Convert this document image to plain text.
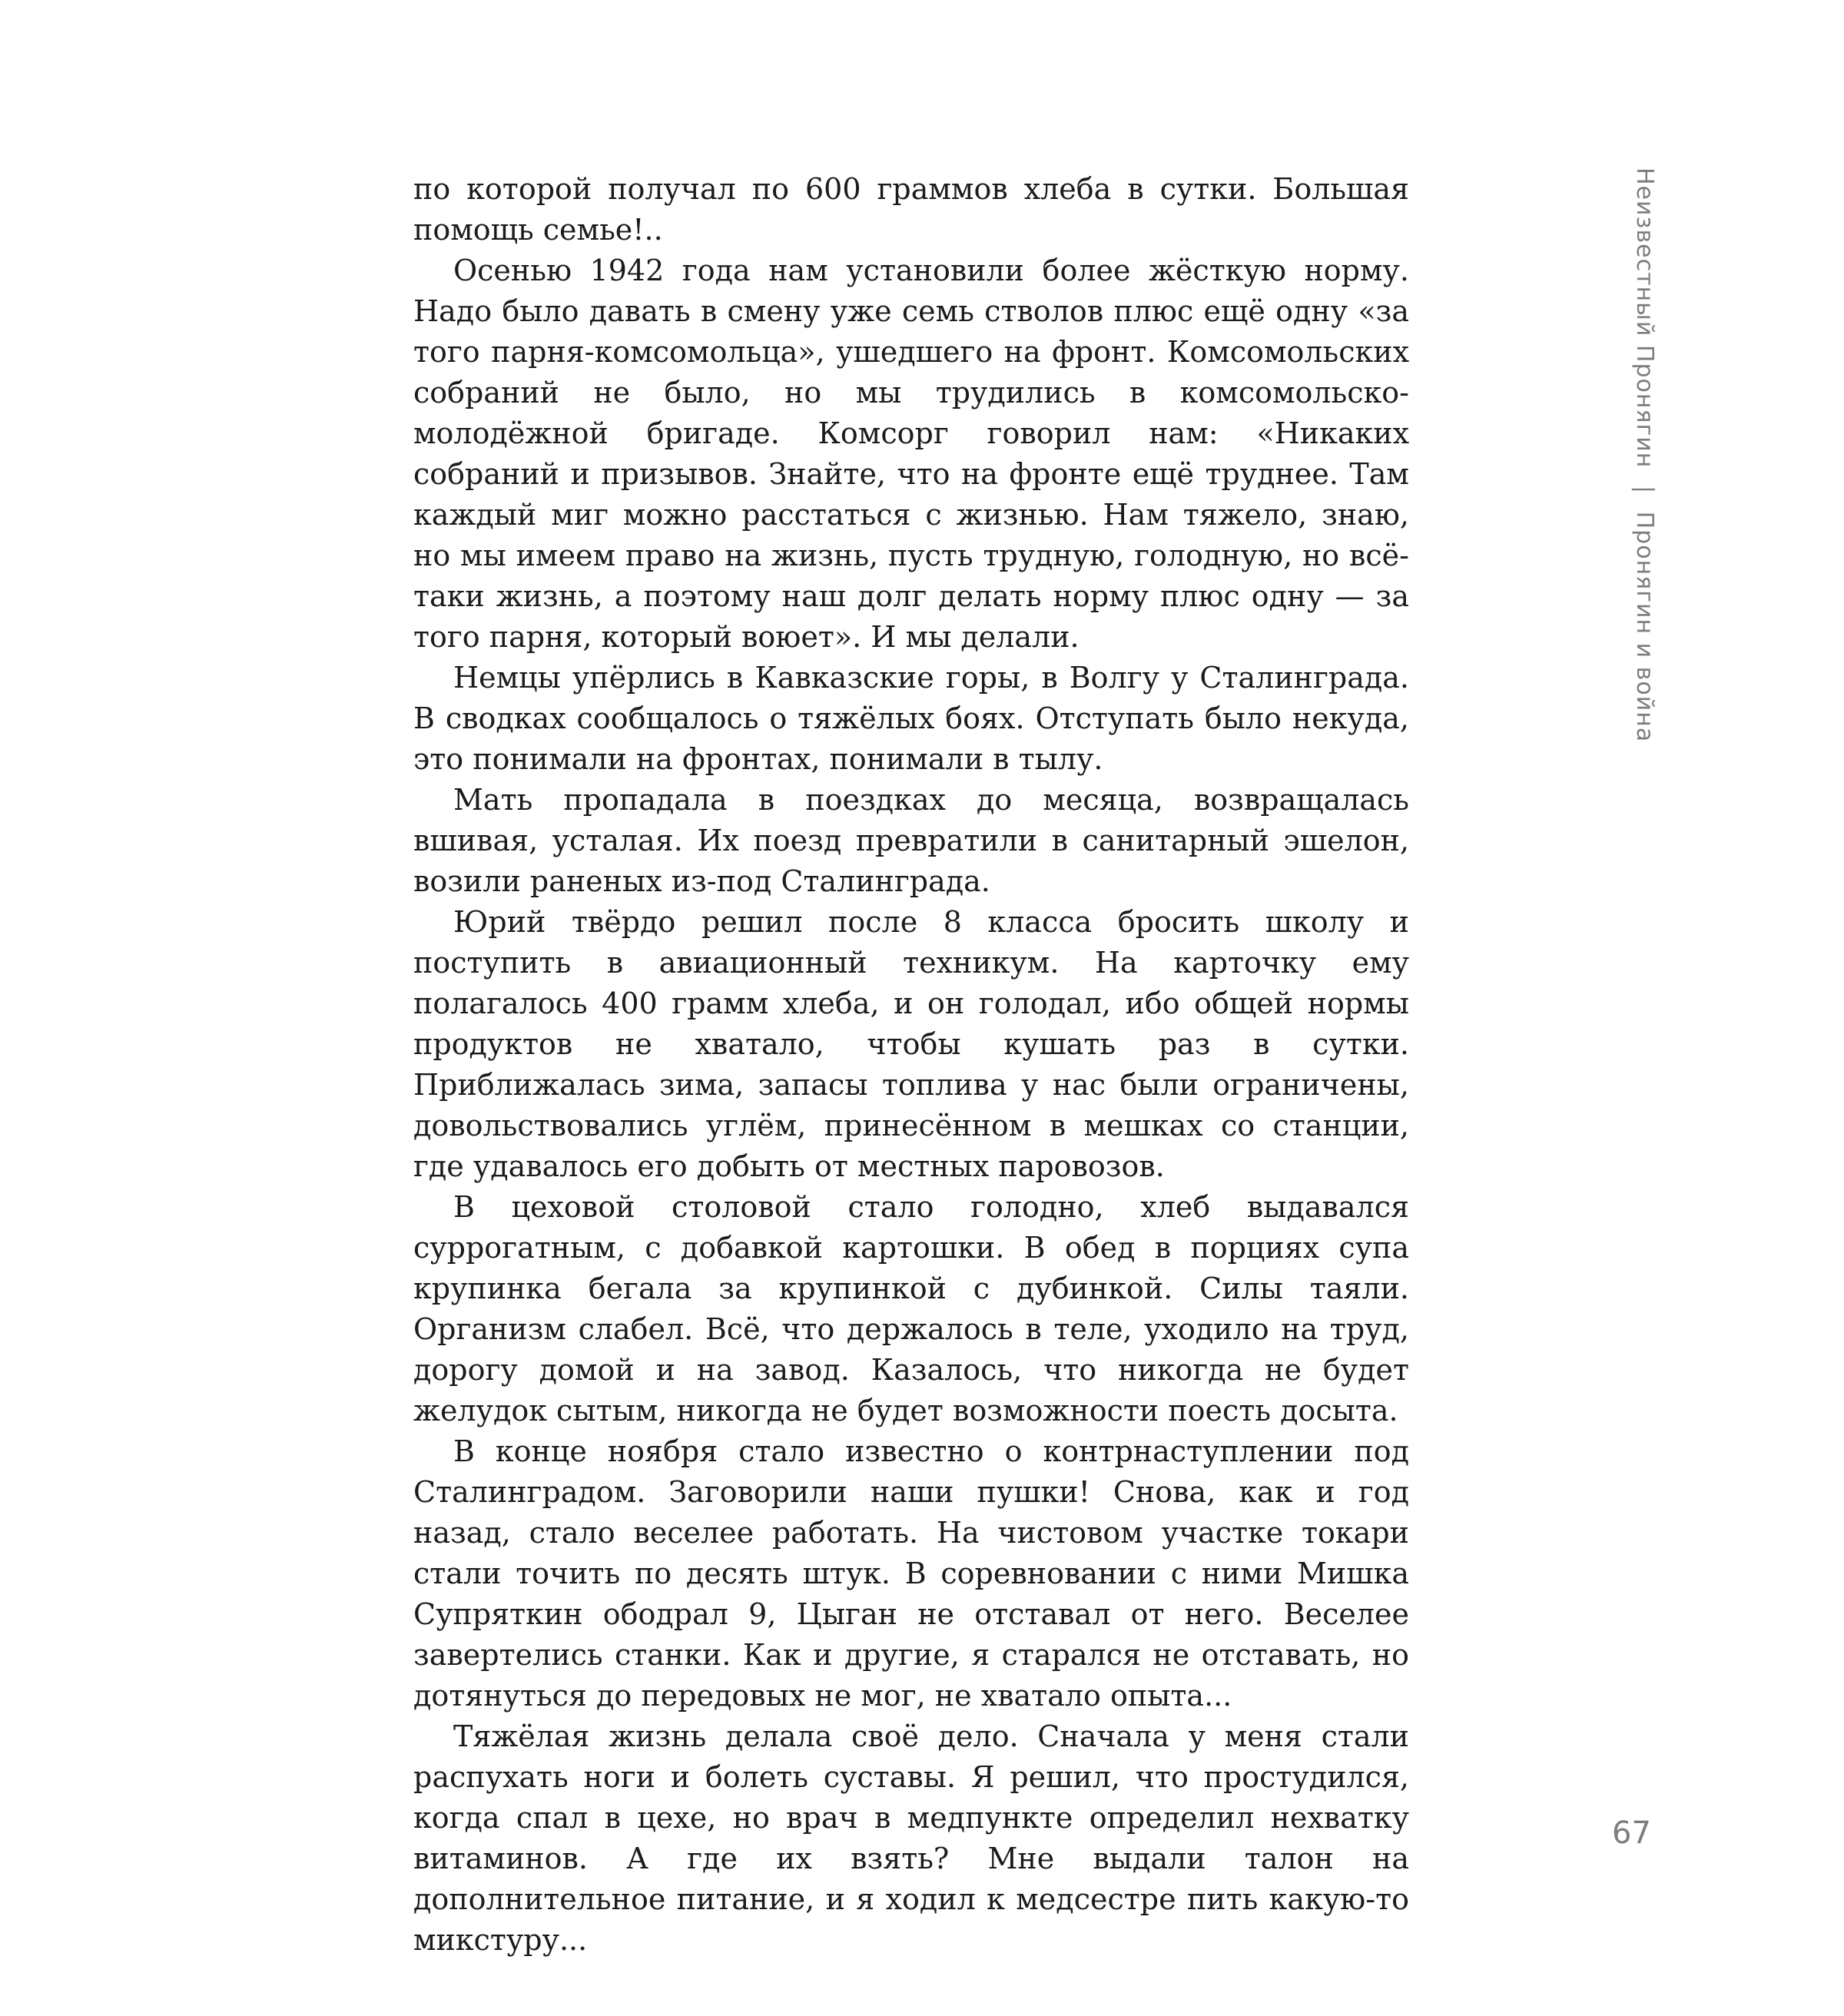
по которой получал по 600 граммов хлеба в сутки. Большая помощь семье!..

Осенью 1942 года нам установили более жёсткую норму. Надо было давать в смену уже семь стволов плюс ещё одну «за того парня-комсомольца», ушедшего на фронт. Комсомольских собраний не было, но мы трудились в комсомольско-молодёжной бригаде. Комсорг говорил нам: «Никаких собраний и призывов. Знайте, что на фронте ещё труднее. Там каждый миг можно расстаться с жизнью. Нам тяжело, знаю, но мы имеем право на жизнь, пусть трудную, голодную, но всё-таки жизнь, а поэтому наш долг делать норму плюс одну — за того парня, который воюет». И мы делали.

Немцы упёрлись в Кавказские горы, в Волгу у Сталинграда. В сводках сообщалось о тяжёлых боях. Отступать было некуда, это понимали на фронтах, понимали в тылу.

Мать пропадала в поездках до месяца, возвращалась вшивая, усталая. Их поезд превратили в санитарный эшелон, возили раненых из-под Сталинграда.

Юрий твёрдо решил после 8 класса бросить школу и поступить в авиационный техникум. На карточку ему полагалось 400 грамм хлеба, и он голодал, ибо общей нормы продуктов не хватало, чтобы кушать раз в сутки. Приближалась зима, запасы топлива у нас были ограничены, довольствовались углём, принесённом в мешках со станции, где удавалось его добыть от местных паровозов.

В цеховой столовой стало голодно, хлеб выдавался суррогатным, с добавкой картошки. В обед в порциях супа крупинка бегала за крупинкой с дубинкой. Силы таяли. Организм слабел. Всё, что держалось в теле, уходило на труд, дорогу домой и на завод. Казалось, что никогда не будет желудок сытым, никогда не будет возможности поесть досыта.

В конце ноября стало известно о контрнаступлении под Сталинградом. Заговорили наши пушки! Снова, как и год назад, стало веселее работать. На чистовом участке токари стали точить по десять штук. В соревновании с ними Мишка Супряткин ободрал 9, Цыган не отставал от него. Веселее завертелись станки. Как и другие, я старался не отставать, но дотянуться до передовых не мог, не хватало опыта...

Тяжёлая жизнь делала своё дело. Сначала у меня стали распухать ноги и болеть суставы. Я решил, что простудился, когда спал в цехе, но врач в медпункте определил нехватку витаминов. А где их взять? Мне выдали талон на дополнительное питание, и я ходил к медсестре пить какую-то микстуру...

Неизвестный Пронягин | Пронягин и война
67
